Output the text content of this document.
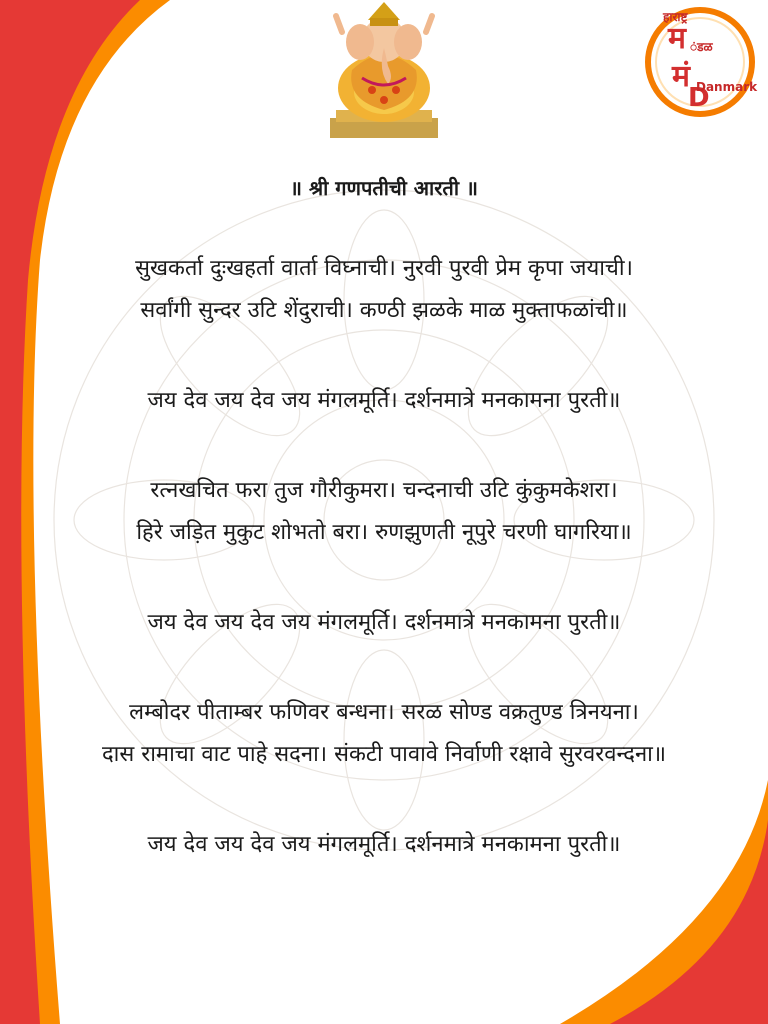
म
मं
D
हाराष्ट्र
ंडळ
Danmark
॥ श्री गणपतीची आरती ॥
सुखकर्ता दुःखहर्ता वार्ता विघ्नाची। नुरवी पुरवी प्रेम कृपा जयाची।
सर्वांगी सुन्दर उटि शेंदुराची। कण्ठी झळके माळ मुक्ताफळांची॥
जय देव जय देव जय मंगलमूर्ति। दर्शनमात्रे मनकामना पुरती॥
रत्नखचित फरा तुज गौरीकुमरा। चन्दनाची उटि कुंकुमकेशरा।
हिरे जड़ित मुकुट शोभतो बरा। रुणझुणती नूपुरे चरणी घागरिया॥
जय देव जय देव जय मंगलमूर्ति। दर्शनमात्रे मनकामना पुरती॥
लम्बोदर पीताम्बर फणिवर बन्धना। सरळ सोण्ड वक्रतुण्ड त्रिनयना।
दास रामाचा वाट पाहे सदना। संकटी पावावे निर्वाणी रक्षावे सुरवरवन्दना॥
जय देव जय देव जय मंगलमूर्ति। दर्शनमात्रे मनकामना पुरती॥
